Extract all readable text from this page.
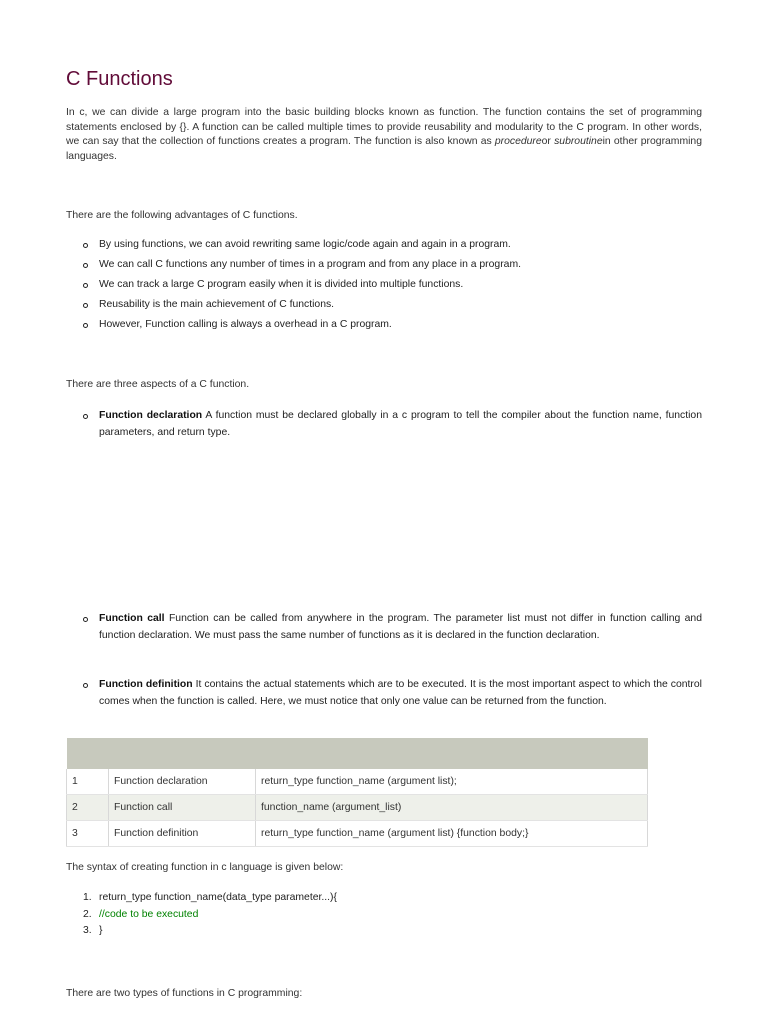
C Functions

In c, we can divide a large program into the basic building blocks known as function. The function contains the set of programming statements enclosed by {}. A function can be called multiple times to provide reusability and modularity to the C program. In other words, we can say that the collection of functions creates a program. The function is also known as procedureor subroutinein other programming languages.

There are the following advantages of C functions.

By using functions, we can avoid rewriting same logic/code again and again in a program.
We can call C functions any number of times in a program and from any place in a program.
We can track a large C program easily when it is divided into multiple functions.
Reusability is the main achievement of C functions.
However, Function calling is always a overhead in a C program.

There are three aspects of a C function.

Function declaration A function must be declared globally in a c program to tell the compiler about the function name, function parameters, and return type.
Function call Function can be called from anywhere in the program. The parameter list must not differ in function calling and function declaration. We must pass the same number of functions as it is declared in the function declaration.
Function definition It contains the actual statements which are to be executed. It is the most important aspect to which the control comes when the function is called. Here, we must notice that only one value can be returned from the function.

1	Function declaration	return_type function_name (argument list);
2	Function call	function_name (argument_list)
3	Function definition	return_type function_name (argument list) {function body;}

The syntax of creating function in c language is given below:

1. return_type function_name(data_type parameter...){
2. //code to be executed
3. }

There are two types of functions in C programming:
